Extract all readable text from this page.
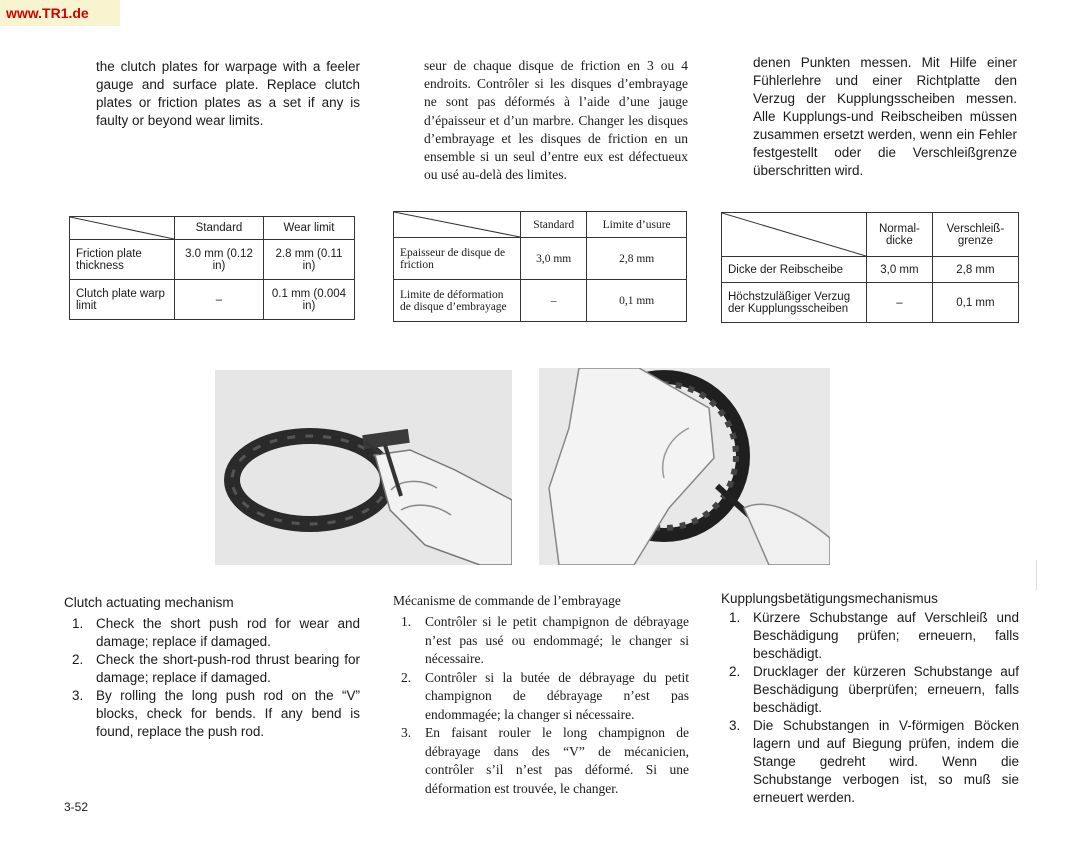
www.TR1.de

the clutch plates for warpage with a feeler gauge and surface plate. Replace clutch plates or friction plates as a set if any is faulty or beyond wear limits.

seur de chaque disque de friction en 3 ou 4 endroits. Contrôler si les disques d’embrayage ne sont pas déformés à l’aide d’une jauge d’épaisseur et d’un marbre. Changer les disques d’embrayage et les disques de friction en un ensemble si un seul d’entre eux est défectueux ou usé au-delà des limites.

denen Punkten messen. Mit Hilfe einer Fühlerlehre und einer Richtplatte den Verzug der Kupplungsscheiben messen. Alle Kupplungs-und Reibscheiben müssen zusammen ersetzt werden, wenn ein Fehler festgestellt oder die Verschleißgrenze überschritten wird.

	Standard	Wear limit
Friction plate thickness	3.0 mm (0.12 in)	2.8 mm (0.11 in)
Clutch plate warp limit	–	0.1 mm (0.004 in)
	Standard	Limite d’usure
Epaisseur de disque de friction	3,0 mm	2,8 mm
Limite de déformation de disque d’embrayage	–	0,1 mm
	Normal-dicke	Verschleiß-grenze
Dicke der Reibscheibe	3,0 mm	2,8 mm
Höchstzuläßiger Verzug der Kupplungsscheiben	–	0,1 mm

Clutch actuating mechanism	Mécanisme de commande de l’embrayage	Kupplungsbetätigungsmechanismus

1. Check the short push rod for wear and damage; replace if damaged.
2. Check the short-push-rod thrust bearing for damage; replace if damaged.
3. By rolling the long push rod on the “V” blocks, check for bends. If any bend is found, replace the push rod.
1. Contrôler si le petit champignon de débrayage n’est pas usé ou endommagé; le changer si nécessaire.
2. Contrôler si la butée de débrayage du petit champignon de débrayage n’est pas endommagée; la changer si nécessaire.
3. En faisant rouler le long champignon de débrayage dans des “V” de mécanicien, contrôler s’il n’est pas déformé. Si une déformation est trouvée, le changer.
1. Kürzere Schubstange auf Verschleiß und Beschädigung prüfen; erneuern, falls beschädigt.
2. Drucklager der kürzeren Schubstange auf Beschädigung überprüfen; erneuern, falls beschädigt.
3. Die Schubstangen in V-förmigen Böcken lagern und auf Biegung prüfen, indem die Stange gedreht wird. Wenn die Schubstange verbogen ist, so muß sie erneuert werden.
3-52
